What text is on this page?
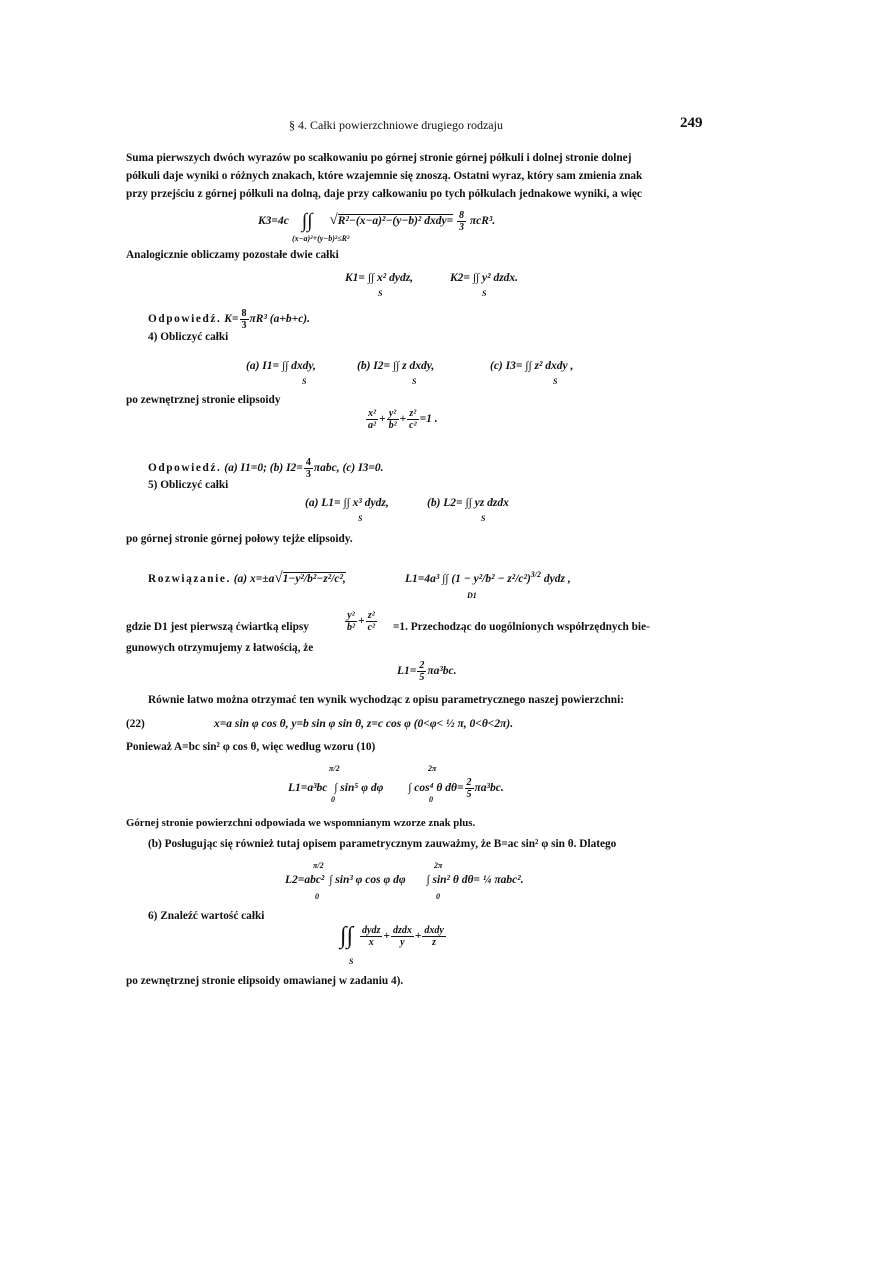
§ 4. Całki powierzchniowe drugiego rodzaju	249
Suma pierwszych dwóch wyrazów po scałkowaniu po górnej stronie górnej półkuli i dolnej stronie dolnej
półkuli daje wyniki o różnych znakach, które wzajemnie się znoszą. Ostatni wyraz, który sam zmienia znak
przy przejściu z górnej półkuli na dolną, daje przy całkowaniu po tych półkulach jednakowe wyniki, a więc
K3=4c ∫∫ √R²−(x−a)²−(y−b)² dxdy= $\frac{8}{3} \pi cR^3$.
(x−a)²+(y−b)²≤R²
Analogicznie obliczamy pozostałe dwie całki
K1= ∫∫ x² dydz,	K2= ∫∫ y² dzdx.
S	S
Odpowiedź. $K= \frac{8}{3} \pi R^3$ (a+b+c).
4) Obliczyć całki
(a) I1= ∫∫ dxdy,	(b) I2= ∫∫ z dxdy,	(c) I3= ∫∫ z² dxdy ,
S	S	S
po zewnętrznej stronie elipsoidy
$\frac{\text{x²}}{\text{a²}} + \frac{\text{y²}}{\text{b²}} + \frac{\text{z²}}{\text{c²}} =1$ .
Odpowiedź. (a) I1=0; (b) $I2= \frac{4}{3} \pi abc$, (c) I3=0.
5) Obliczyć całki
(a) L1= ∫∫ x³ dydz,	(b) L2= ∫∫ yz dzdx
S	S
po górnej stronie górnej połowy tejże elipsoidy.
Rozwiązanie. (a) x=±a√1−y²/b²−z²/c²,	L1=4a³ ∫∫ $(1 - y^2/b^2 - z^2/c^2)^{3/2}$ dydz ,
D1
gdzie D1 jest pierwszą ćwiartką elipsy	$\frac{\text{y²}}{\text{b²}} + \frac{\text{z²}}{\text{c²}} =1$. Przechodząc do uogólnionych współrzędnych bie-
gunowych otrzymujemy z łatwością, że
$L1= \frac{2}{5} \pi a^3bc$.
Równie łatwo można otrzymać ten wynik wychodząc z opisu parametrycznego naszej powierzchni:
(22)	x=a sin φ cos θ, y=b sin φ sin θ, z=c cos φ (0<φ< ½ π, 0<θ<2π).
Ponieważ A=bc sin² φ cos θ, więc według wzoru (10)
π/2	2π
L1=a³bc ∫ sin⁵ φ dφ ∫ cos⁴ θ $d\theta= \frac{2}{5} \pi a^3bc$.
0	0
Górnej stronie powierzchni odpowiada we wspomnianym wzorze znak plus.
(b) Posługując się również tutaj opisem parametrycznym zauważmy, że B=ac sin² φ sin θ. Dlatego
π/2	2π
L2=abc² ∫ sin³ φ cos φ dφ ∫ sin² θ dθ= ¼ πabc².
0	0
6) Znaleźć wartość całki
∫∫ $\frac{\text{dydz}}{x} + \frac{\text{dzdx}}{y} + \frac{\text{dxdy}}{z}$
S
po zewnętrznej stronie elipsoidy omawianej w zadaniu 4).
